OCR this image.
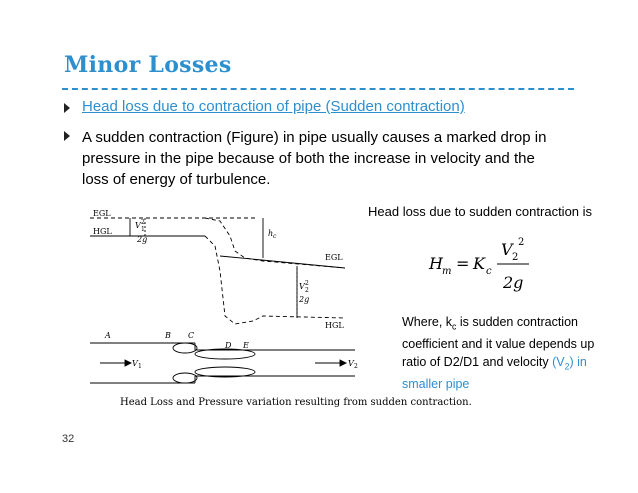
Minor Losses
Head loss due to contraction of pipe (Sudden contraction)
A sudden contraction (Figure) in pipe usually causes a marked drop in pressure in the pipe because of both the increase in velocity and the loss of energy of turbulence.
Head loss due to sudden contraction is
H m = K c
V 2
2
2g
Where, $k_c$ is sudden contraction coefficient and it value depends up ratio of D2/D1 and velocity $(V_2)$ in smaller pipe
EGL
HGL
V 1
2
2g
h c
EGL
V 2
2
2g
HGL
A	B C
D E
V 1	V 2
Head Loss and Pressure variation resulting from sudden contraction.
32
